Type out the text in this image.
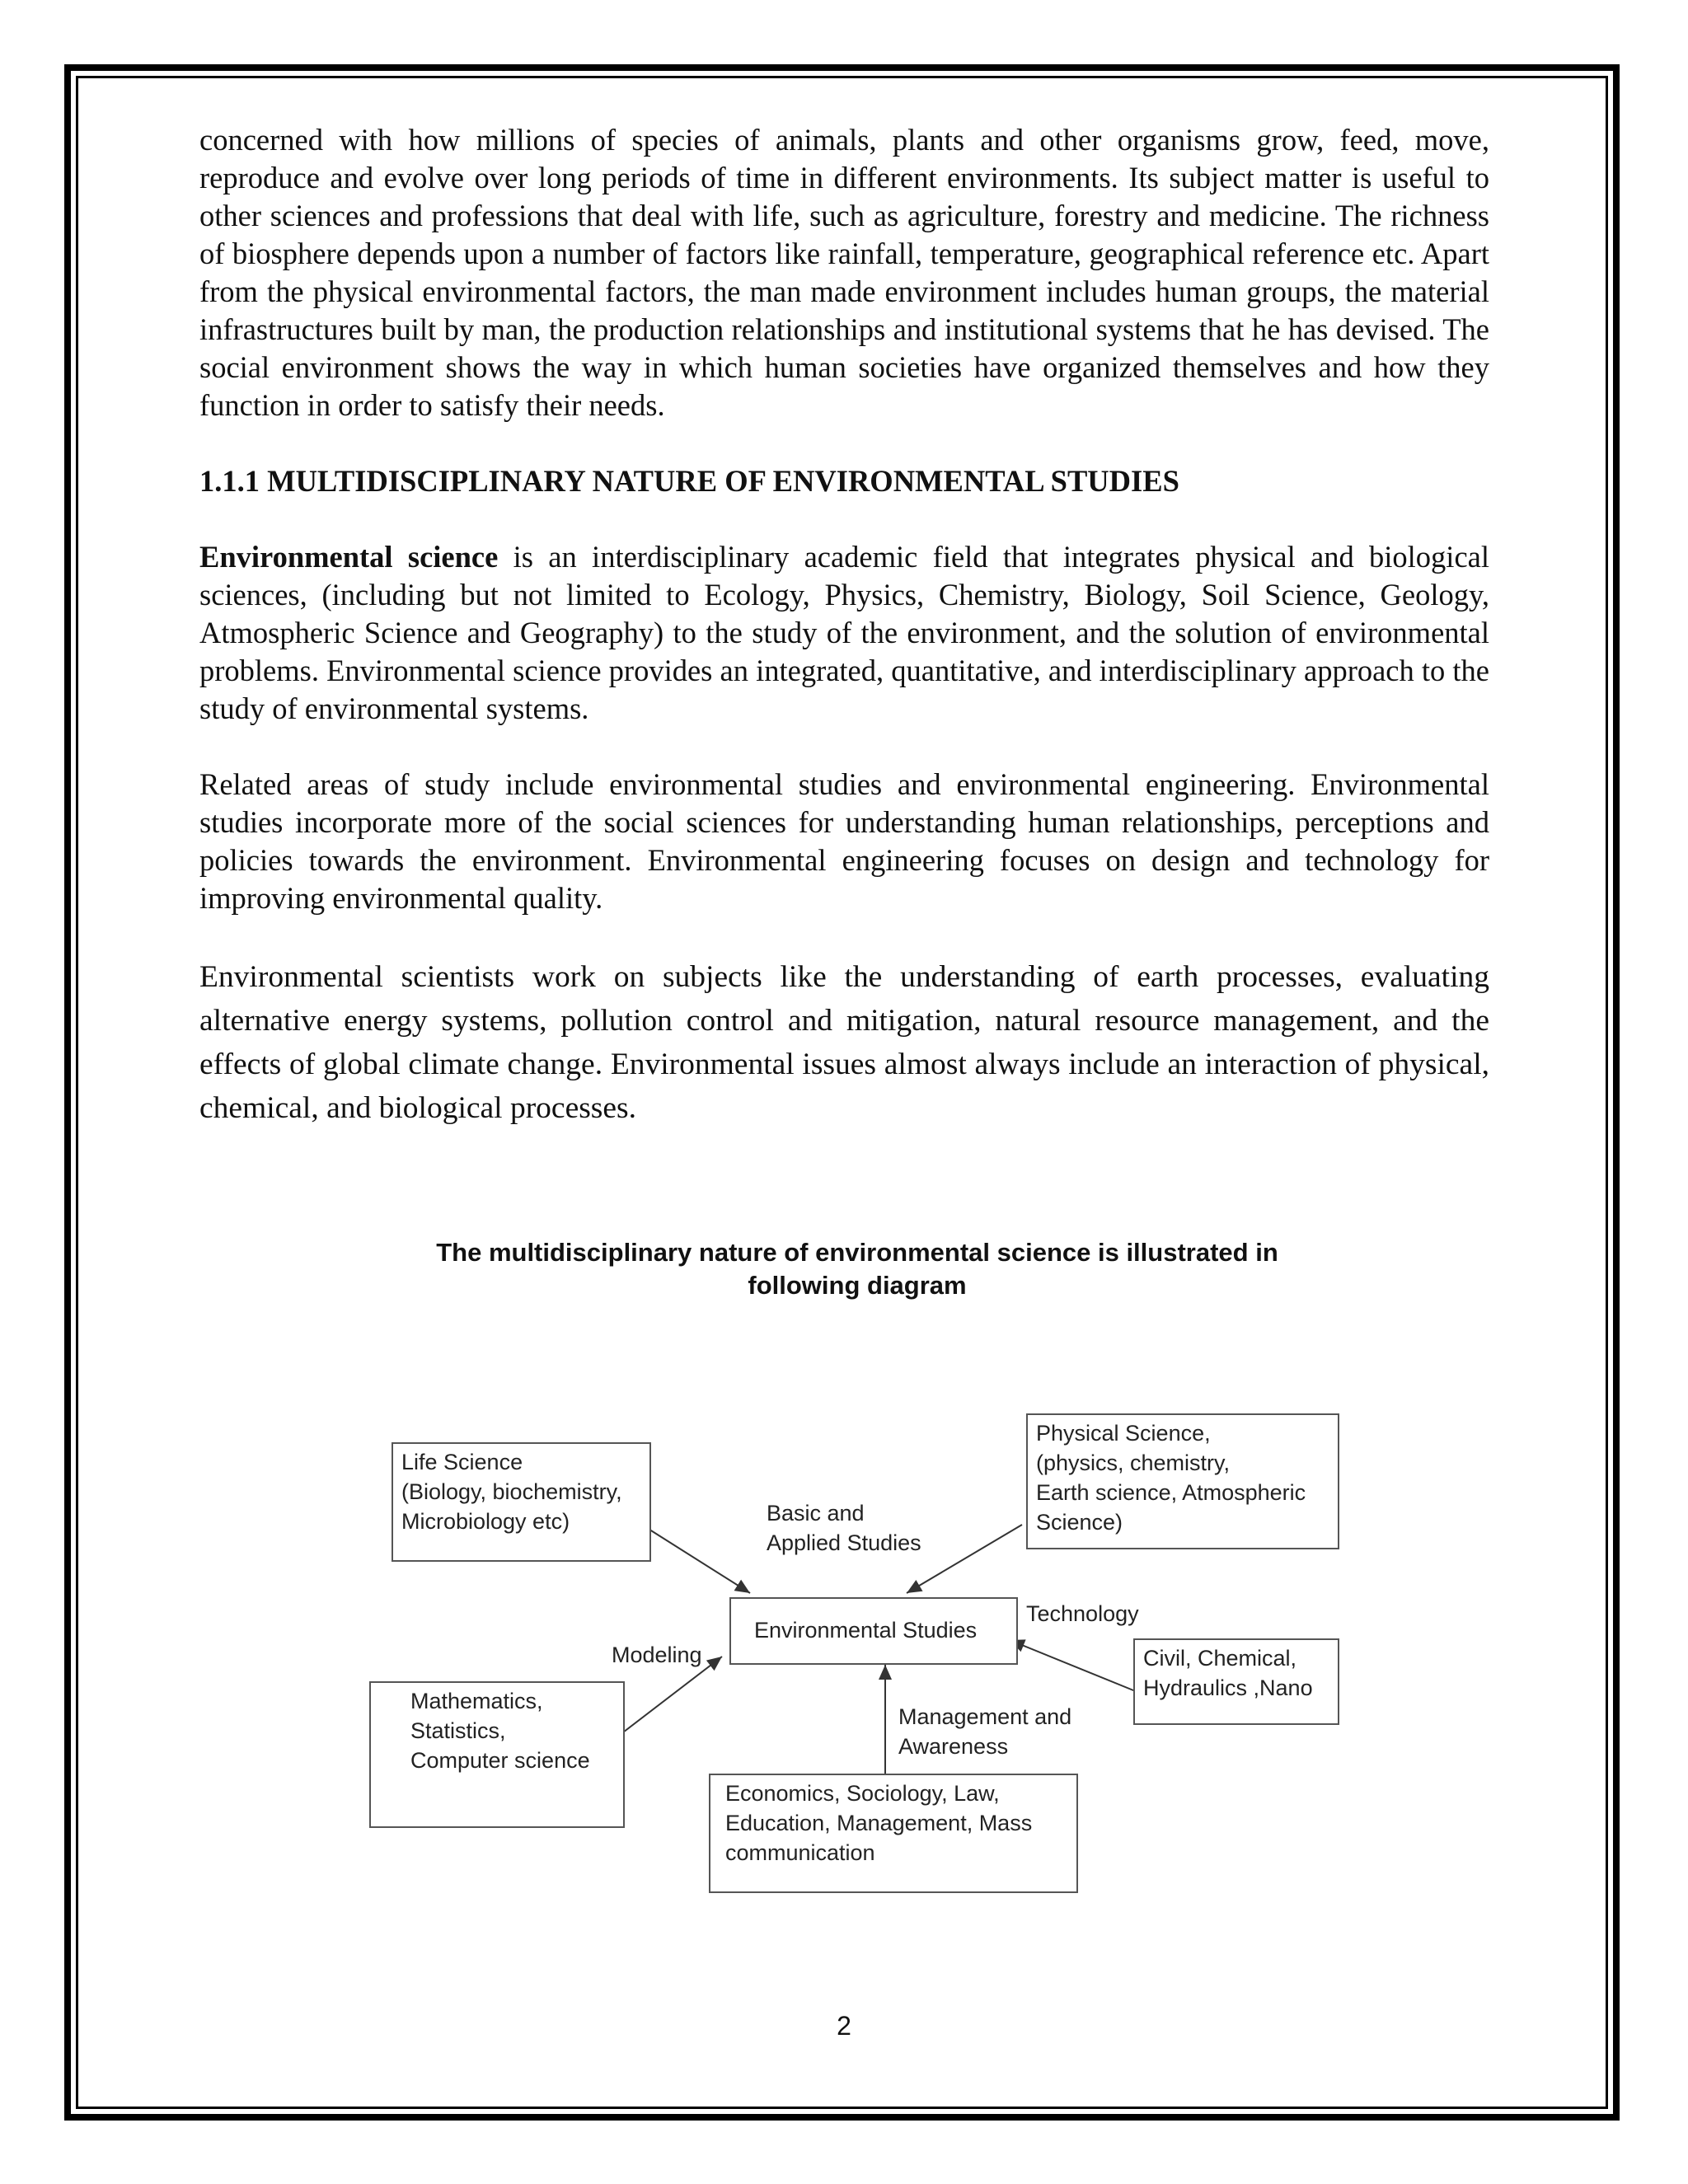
concerned with how millions of species of animals, plants and other organisms grow, feed, move, reproduce and evolve over long periods of time in different environments. Its subject matter is useful to other sciences and professions that deal with life, such as agriculture, forestry and medicine. The richness of biosphere depends upon a number of factors like rainfall, temperature, geographical reference etc. Apart from the physical environmental factors, the man made environment includes human groups, the material infrastructures built by man, the production relationships and institutional systems that he has devised. The social environment shows the way in which human societies have organized themselves and how they function in order to satisfy their needs.

1.1.1 MULTIDISCIPLINARY NATURE OF ENVIRONMENTAL STUDIES

Environmental science is an interdisciplinary academic field that integrates physical and biological sciences, (including but not limited to Ecology, Physics, Chemistry, Biology, Soil Science, Geology, Atmospheric Science and Geography) to the study of the environment, and the solution of environmental problems. Environmental science provides an integrated, quantitative, and interdisciplinary approach to the study of environmental systems.

Related areas of study include environmental studies and environmental engineering. Environmental studies incorporate more of the social sciences for understanding human relationships, perceptions and policies towards the environment. Environmental engineering focuses on design and technology for improving environmental quality.

Environmental scientists work on subjects like the understanding of earth processes, evaluating alternative energy systems, pollution control and mitigation, natural resource management, and the effects of global climate change. Environmental issues almost always include an interaction of physical, chemical, and biological processes.

The multidisciplinary nature of environmental science is illustrated in
following diagram
Life Science
(Biology, biochemistry,
Microbiology etc)
Physical Science,
(physics, chemistry,
Earth science, Atmospheric
Science)
Environmental Studies
Mathematics,
Statistics,
Computer science
Civil, Chemical,
Hydraulics ,Nano
Economics, Sociology, Law,
Education, Management, Mass
communication
Basic and
Applied Studies
Modeling
Technology
Management and
Awareness
2
